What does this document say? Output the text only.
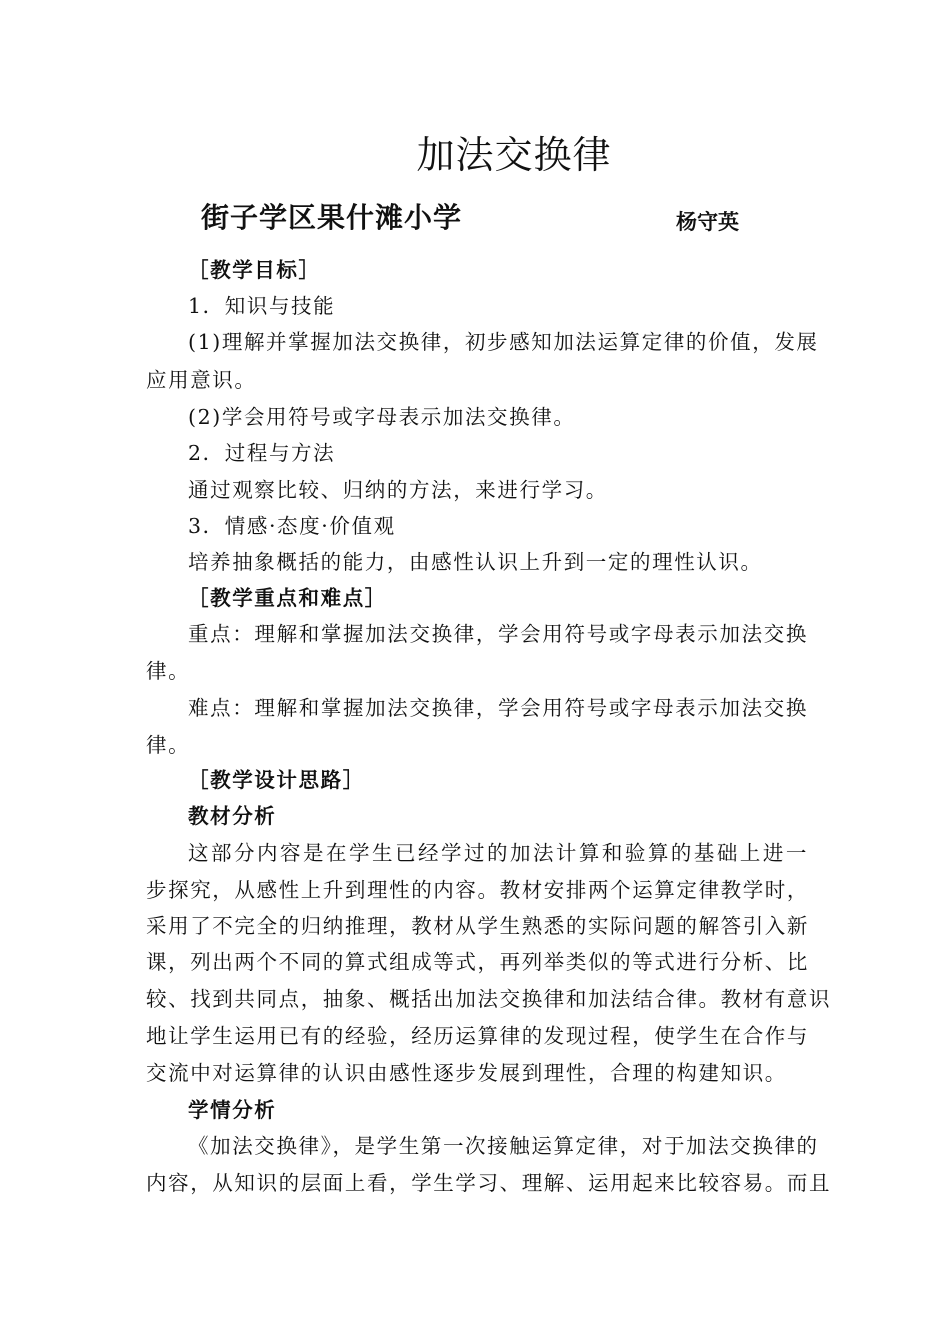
加法交换律
街子学区果什滩小学	杨守英
［教学目标］
1．知识与技能
(1)理解并掌握加法交换律，初步感知加法运算定律的价值，发展
应用意识。
(2)学会用符号或字母表示加法交换律。
2．过程与方法
通过观察比较、归纳的方法，来进行学习。
3．情感·态度·价值观
培养抽象概括的能力，由感性认识上升到一定的理性认识。
［教学重点和难点］
重点：理解和掌握加法交换律，学会用符号或字母表示加法交换
律。
难点：理解和掌握加法交换律，学会用符号或字母表示加法交换
律。
［教学设计思路］
教材分析
这部分内容是在学生已经学过的加法计算和验算的基础上进一
步探究，从感性上升到理性的内容。教材安排两个运算定律教学时，
采用了不完全的归纳推理，教材从学生熟悉的实际问题的解答引入新
课，列出两个不同的算式组成等式，再列举类似的等式进行分析、比
较、找到共同点，抽象、概括出加法交换律和加法结合律。教材有意识
地让学生运用已有的经验，经历运算律的发现过程，使学生在合作与
交流中对运算律的认识由感性逐步发展到理性，合理的构建知识。
学情分析
《加法交换律》，是学生第一次接触运算定律，对于加法交换律的
内容，从知识的层面上看，学生学习、理解、运用起来比较容易。而且
